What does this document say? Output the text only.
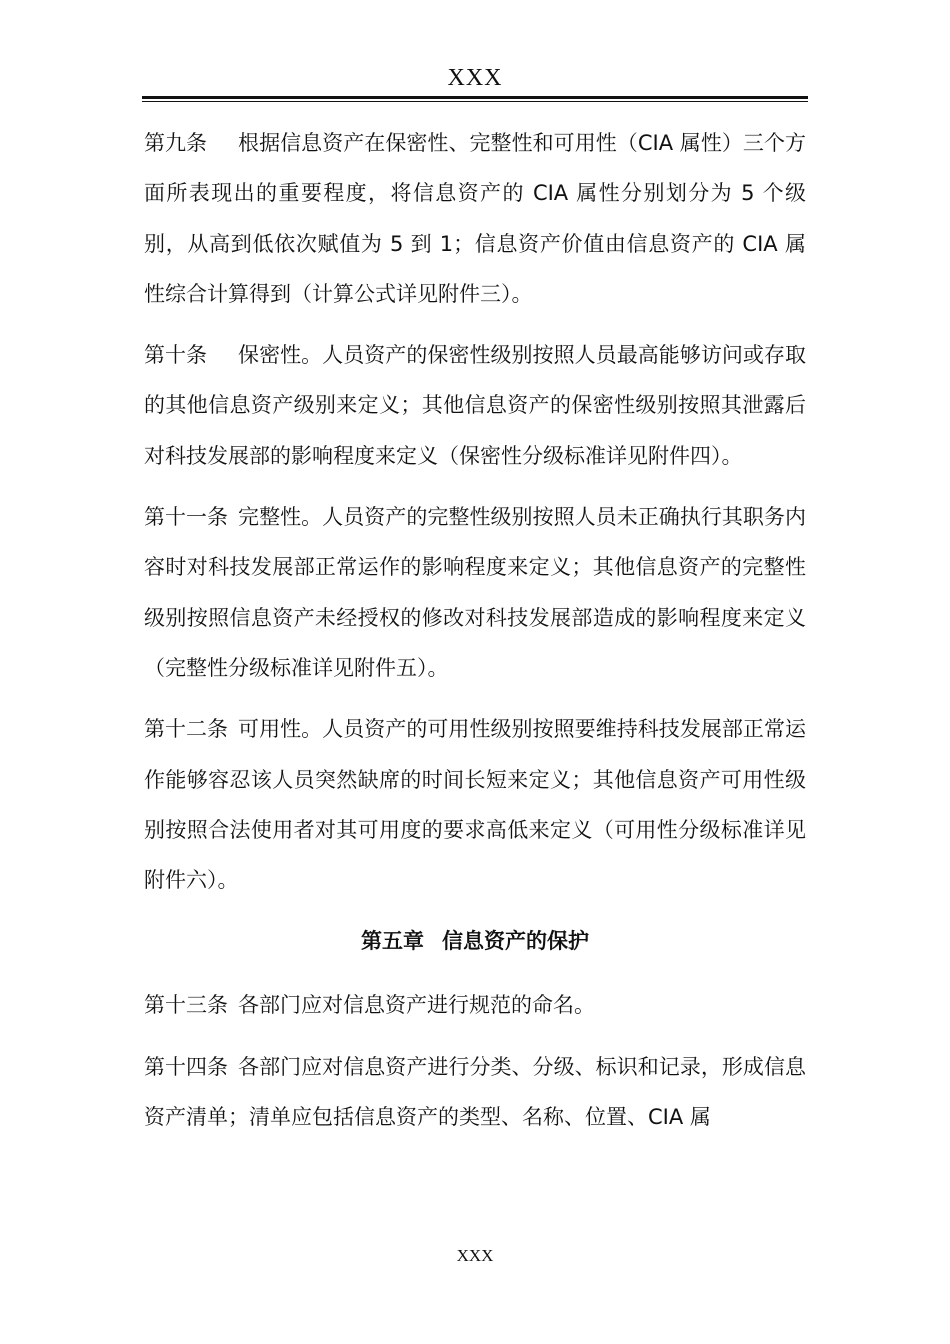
XXX

第九条 根据信息资产在保密性、完整性和可用性（CIA 属性）三个方面所表现出的重要程度，将信息资产的 CIA 属性分别划分为 5 个级别，从高到低依次赋值为 5 到 1；信息资产价值由信息资产的 CIA 属性综合计算得到（计算公式详见附件三）。

第十条 保密性。人员资产的保密性级别按照人员最高能够访问或存取的其他信息资产级别来定义；其他信息资产的保密性级别按照其泄露后对科技发展部的影响程度来定义（保密性分级标准详见附件四）。

第十一条 完整性。人员资产的完整性级别按照人员未正确执行其职务内容时对科技发展部正常运作的影响程度来定义；其他信息资产的完整性级别按照信息资产未经授权的修改对科技发展部造成的影响程度来定义（完整性分级标准详见附件五）。

第十二条 可用性。人员资产的可用性级别按照要维持科技发展部正常运作能够容忍该人员突然缺席的时间长短来定义；其他信息资产可用性级别按照合法使用者对其可用度的要求高低来定义（可用性分级标准详见附件六）。

第五章 信息资产的保护

第十三条 各部门应对信息资产进行规范的命名。

第十四条 各部门应对信息资产进行分类、分级、标识和记录，形成信息资产清单；清单应包括信息资产的类型、名称、位置、CIA 属

XXX
